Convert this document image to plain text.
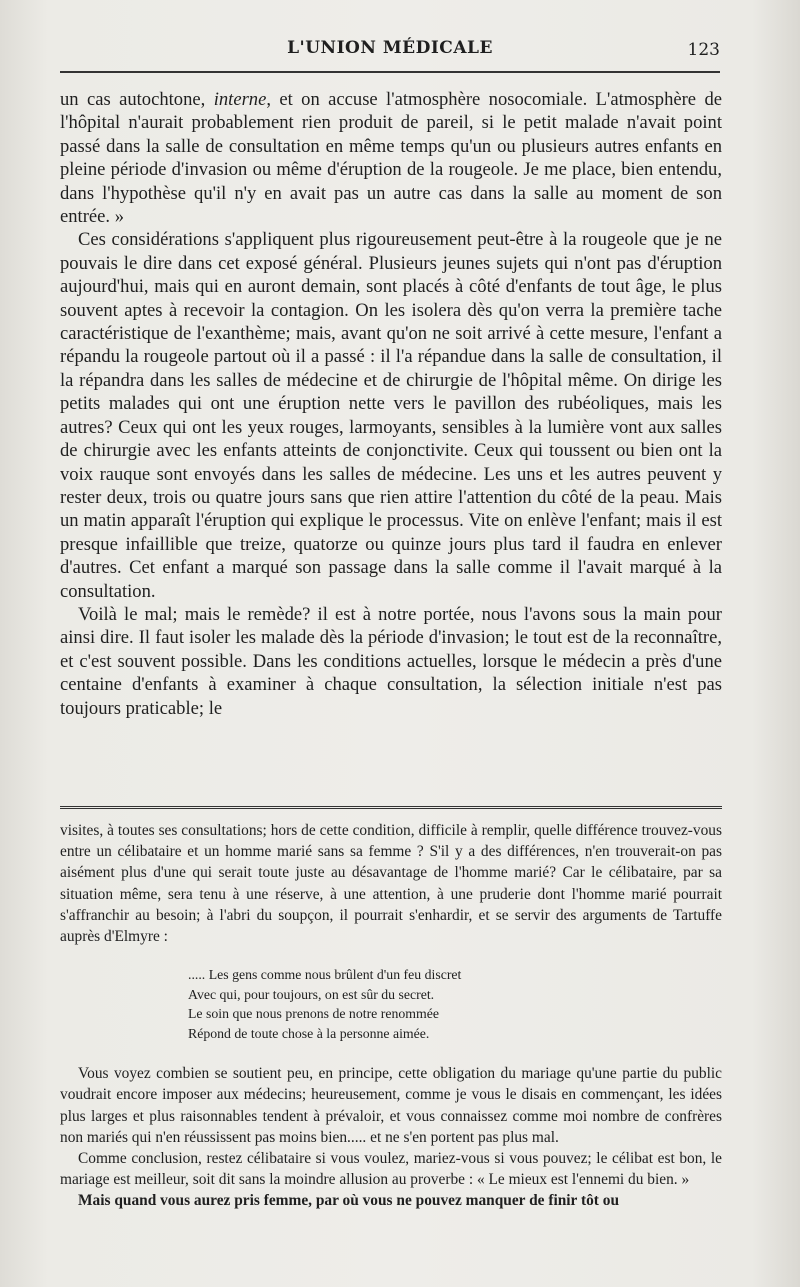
L'UNION MÉDICALE	123

un cas autochtone, interne, et on accuse l'atmosphère nosocomiale. L'atmosphère de l'hôpital n'aurait probablement rien produit de pareil, si le petit malade n'avait point passé dans la salle de consultation en même temps qu'un ou plusieurs autres enfants en pleine période d'invasion ou même d'éruption de la rougeole. Je me place, bien entendu, dans l'hypothèse qu'il n'y en avait pas un autre cas dans la salle au moment de son entrée. »

Ces considérations s'appliquent plus rigoureusement peut-être à la rougeole que je ne pouvais le dire dans cet exposé général. Plusieurs jeunes sujets qui n'ont pas d'éruption aujourd'hui, mais qui en auront demain, sont placés à côté d'enfants de tout âge, le plus souvent aptes à recevoir la contagion. On les isolera dès qu'on verra la première tache caractéristique de l'exanthème; mais, avant qu'on ne soit arrivé à cette mesure, l'enfant a répandu la rougeole partout où il a passé : il l'a répandue dans la salle de consultation, il la répandra dans les salles de médecine et de chirurgie de l'hôpital même. On dirige les petits malades qui ont une éruption nette vers le pavillon des rubéoliques, mais les autres? Ceux qui ont les yeux rouges, larmoyants, sensibles à la lumière vont aux salles de chirurgie avec les enfants atteints de conjonctivite. Ceux qui toussent ou bien ont la voix rauque sont envoyés dans les salles de médecine. Les uns et les autres peuvent y rester deux, trois ou quatre jours sans que rien attire l'attention du côté de la peau. Mais un matin apparaît l'éruption qui explique le processus. Vite on enlève l'enfant; mais il est presque infaillible que treize, quatorze ou quinze jours plus tard il faudra en enlever d'autres. Cet enfant a marqué son passage dans la salle comme il l'avait marqué à la consultation.

Voilà le mal; mais le remède? il est à notre portée, nous l'avons sous la main pour ainsi dire. Il faut isoler les malade dès la période d'invasion; le tout est de la reconnaître, et c'est souvent possible. Dans les conditions actuelles, lorsque le médecin a près d'une centaine d'enfants à examiner à chaque consultation, la sélection initiale n'est pas toujours praticable; le

visites, à toutes ses consultations; hors de cette condition, difficile à remplir, quelle différence trouvez-vous entre un célibataire et un homme marié sans sa femme ? S'il y a des différences, n'en trouverait-on pas aisément plus d'une qui serait toute juste au désavantage de l'homme marié? Car le célibataire, par sa situation même, sera tenu à une réserve, à une attention, à une pruderie dont l'homme marié pourrait s'affranchir au besoin; à l'abri du soupçon, il pourrait s'enhardir, et se servir des arguments de Tartuffe auprès d'Elmyre :

..... Les gens comme nous brûlent d'un feu discret
Avec qui, pour toujours, on est sûr du secret.
Le soin que nous prenons de notre renommée
Répond de toute chose à la personne aimée.

Vous voyez combien se soutient peu, en principe, cette obligation du mariage qu'une partie du public voudrait encore imposer aux médecins; heureusement, comme je vous le disais en commençant, les idées plus larges et plus raisonnables tendent à prévaloir, et vous connaissez comme moi nombre de confrères non mariés qui n'en réussissent pas moins bien..... et ne s'en portent pas plus mal.

Comme conclusion, restez célibataire si vous voulez, mariez-vous si vous pouvez; le célibat est bon, le mariage est meilleur, soit dit sans la moindre allusion au proverbe : « Le mieux est l'ennemi du bien. »

Mais quand vous aurez pris femme, par où vous ne pouvez manquer de finir tôt ou
